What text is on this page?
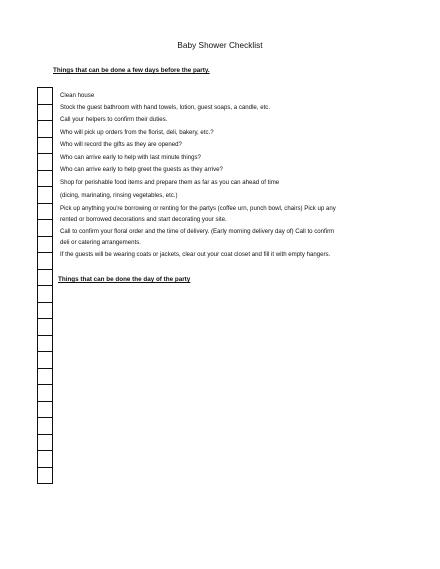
Baby Shower Checklist
Things that can be done a few days before the party.
Clean house
Stock the guest bathroom with hand towels, lotion, guest soaps, a candle, etc.
Call your helpers to confirm their duties.
Who will pick up orders from the florist, deli, bakery, etc.?
Who will record the gifts as they are opened?
Who can arrive early to help with last minute things?
Who can arrive early to help greet the guests as they arrive?
Shop for perishable food items and prepare them as far as you can ahead of time
(dicing, marinating, rinsing vegetables, etc.)
Pick up anything you're borrowing or renting for the partys (coffee urn, punch bowl, chairs) Pick up any
rented or borrowed decorations and start decorating your site.
Call to confirm your floral order and the time of delivery. (Early morning delivery day of) Call to confirm
deli or catering arrangements.
If the guests will be wearing coats or jackets, clear out your coat closet and fill it with empty hangers.
Things that can be done the day of the party
